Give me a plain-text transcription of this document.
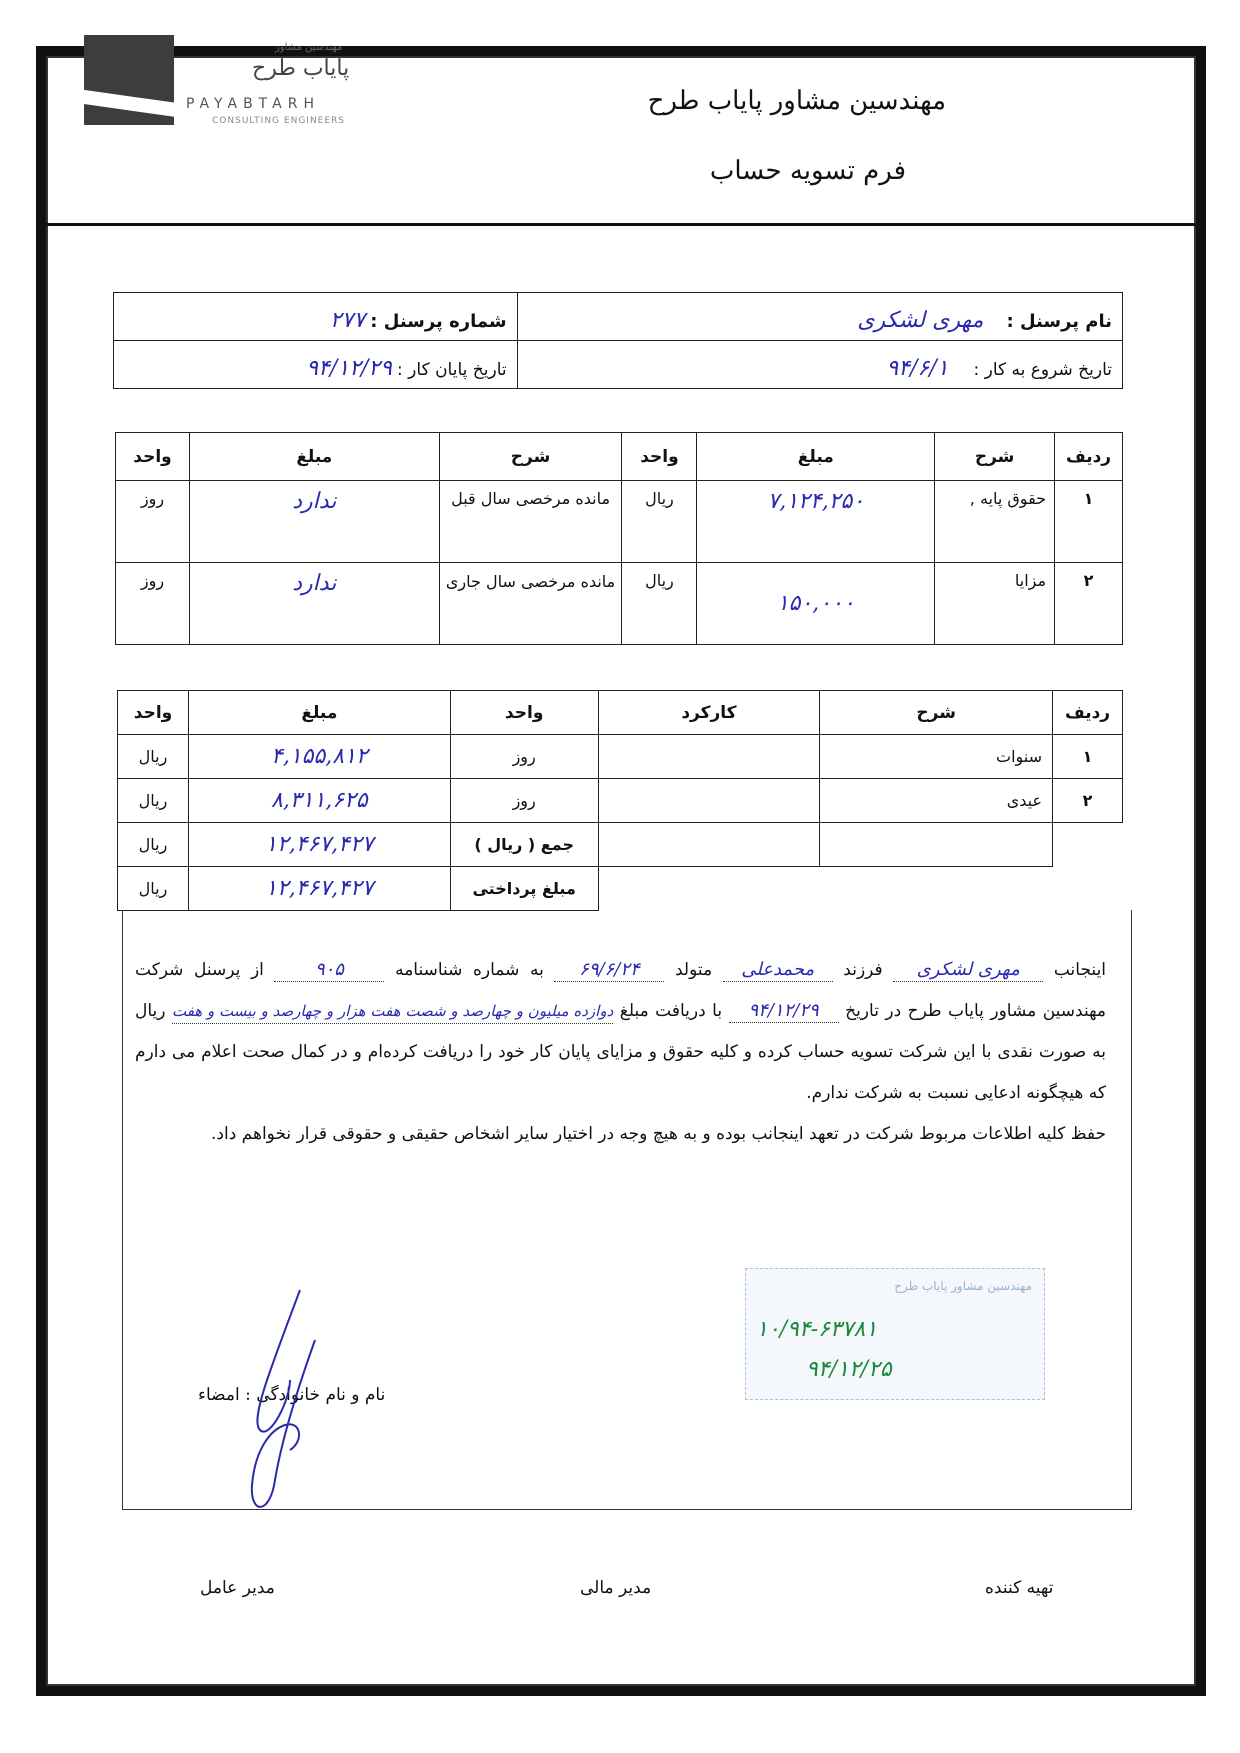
مهندسین مشاور پایاب طرح
فرم تسویه حساب
مهندسین مشاور
پایاب طرح
PAYABTARH
CONSULTING ENGINEERS
نام پرسنل : مهری لشکری	شماره پرسنل : ۲۷۷
تاریخ شروع به کار : ۹۴/۶/۱	تاریخ پایان کار : ۹۴/۱۲/۲۹
ردیف	شرح	مبلغ	واحد	شرح	مبلغ	واحد
۱	حقوق پایه ,	۷,۱۲۴,۲۵۰	ریال	مانده مرخصی سال قبل	ندارد	روز
۲	مزایا	۱۵۰,۰۰۰	ریال	مانده مرخصی سال جاری	ندارد	روز
ردیف	شرح	کارکرد	واحد	مبلغ	واحد
۱	سنوات		روز	۴,۱۵۵,۸۱۲	ریال
۲	عیدی		روز	۸,۳۱۱,۶۲۵	ریال
			جمع ( ریال )	۱۲,۴۶۷,۴۲۷	ریال
			مبلغ پرداختی	۱۲,۴۶۷,۴۲۷	ریال
اینجانب مهری لشکری فرزند محمدعلی متولد ۶۹/۶/۲۴ به شماره شناسنامه ۹۰۵ از پرسنل شرکت مهندسین مشاور پایاب طرح در تاریخ ۹۴/۱۲/۲۹ با دریافت مبلغ دوازده میلیون و چهارصد و شصت هفت هزار و چهارصد و بیست و هفت ریال به صورت نقدی با این شرکت تسویه حساب کرده و کلیه حقوق و مزایای پایان کار خود را دریافت کرده‌ام و در کمال صحت اعلام می دارم که هیچگونه ادعایی نسبت به شرکت ندارم.
حفظ کلیه اطلاعات مربوط شرکت در تعهد اینجانب بوده و به هیچ وجه در اختیار سایر اشخاص حقیقی و حقوقی قرار نخواهم داد.
نام و نام خانوادگی : امضاء
مهندسین مشاور پایاب طرح
۱۰/۹۴-۶۳۷۸۱
۹۴/۱۲/۲۵
تهیه کننده
مدیر مالی
مدیر عامل
